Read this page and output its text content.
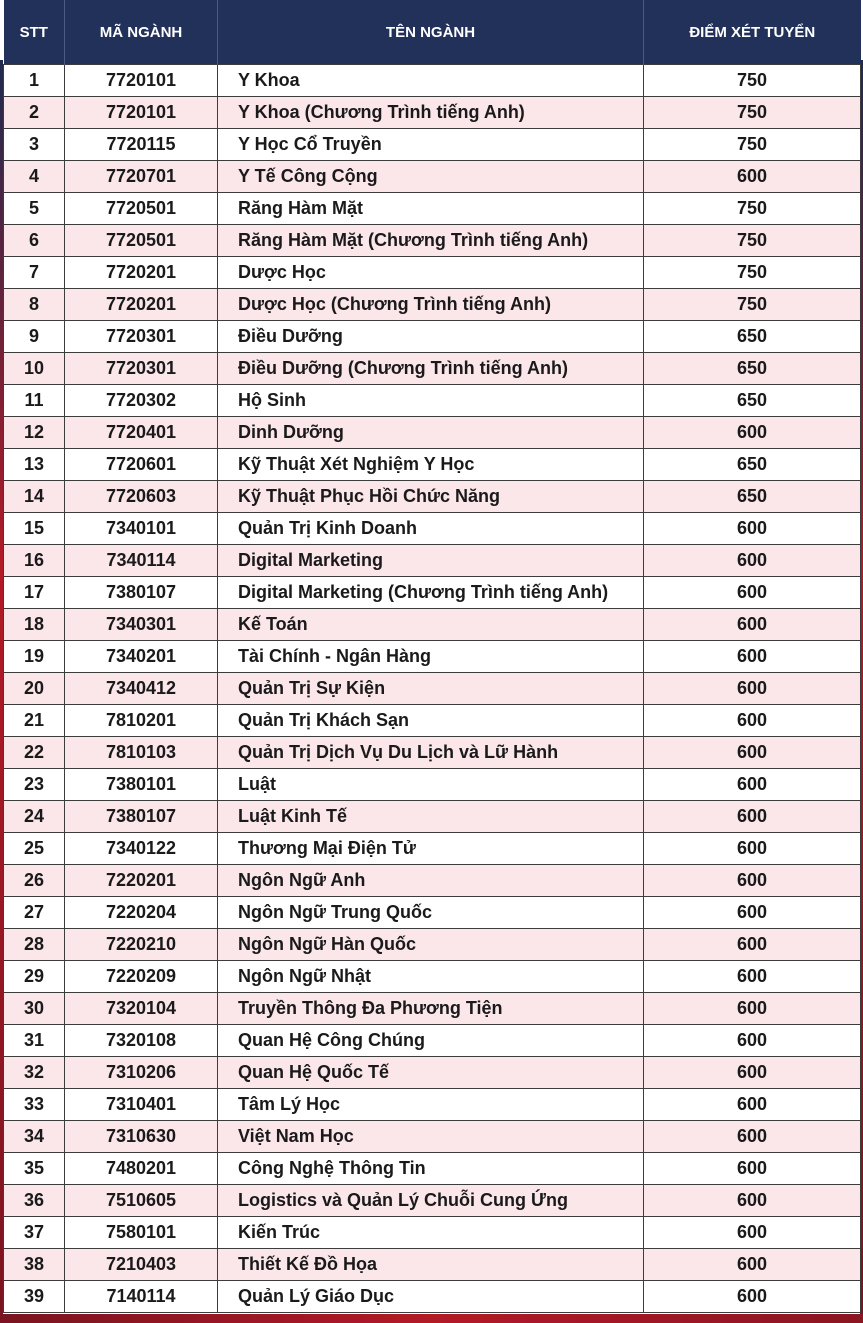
STT	MÃ NGÀNH	TÊN NGÀNH	ĐIỂM XÉT TUYỂN
1	7720101	Y Khoa	750
2	7720101	Y Khoa (Chương Trình tiếng Anh)	750
3	7720115	Y Học Cổ Truyền	750
4	7720701	Y Tế Công Cộng	600
5	7720501	Răng Hàm Mặt	750
6	7720501	Răng Hàm Mặt (Chương Trình tiếng Anh)	750
7	7720201	Dược Học	750
8	7720201	Dược Học (Chương Trình tiếng Anh)	750
9	7720301	Điều Dưỡng	650
10	7720301	Điều Dưỡng (Chương Trình tiếng Anh)	650
11	7720302	Hộ Sinh	650
12	7720401	Dinh Dưỡng	600
13	7720601	Kỹ Thuật Xét Nghiệm Y Học	650
14	7720603	Kỹ Thuật Phục Hồi Chức Năng	650
15	7340101	Quản Trị Kinh Doanh	600
16	7340114	Digital Marketing	600
17	7380107	Digital Marketing (Chương Trình tiếng Anh)	600
18	7340301	Kế Toán	600
19	7340201	Tài Chính - Ngân Hàng	600
20	7340412	Quản Trị Sự Kiện	600
21	7810201	Quản Trị Khách Sạn	600
22	7810103	Quản Trị Dịch Vụ Du Lịch và Lữ Hành	600
23	7380101	Luật	600
24	7380107	Luật Kinh Tế	600
25	7340122	Thương Mại Điện Tử	600
26	7220201	Ngôn Ngữ Anh	600
27	7220204	Ngôn Ngữ Trung Quốc	600
28	7220210	Ngôn Ngữ Hàn Quốc	600
29	7220209	Ngôn Ngữ Nhật	600
30	7320104	Truyền Thông Đa Phương Tiện	600
31	7320108	Quan Hệ Công Chúng	600
32	7310206	Quan Hệ Quốc Tế	600
33	7310401	Tâm Lý Học	600
34	7310630	Việt Nam Học	600
35	7480201	Công Nghệ Thông Tin	600
36	7510605	Logistics và Quản Lý Chuỗi Cung Ứng	600
37	7580101	Kiến Trúc	600
38	7210403	Thiết Kế Đồ Họa	600
39	7140114	Quản Lý Giáo Dục	600
